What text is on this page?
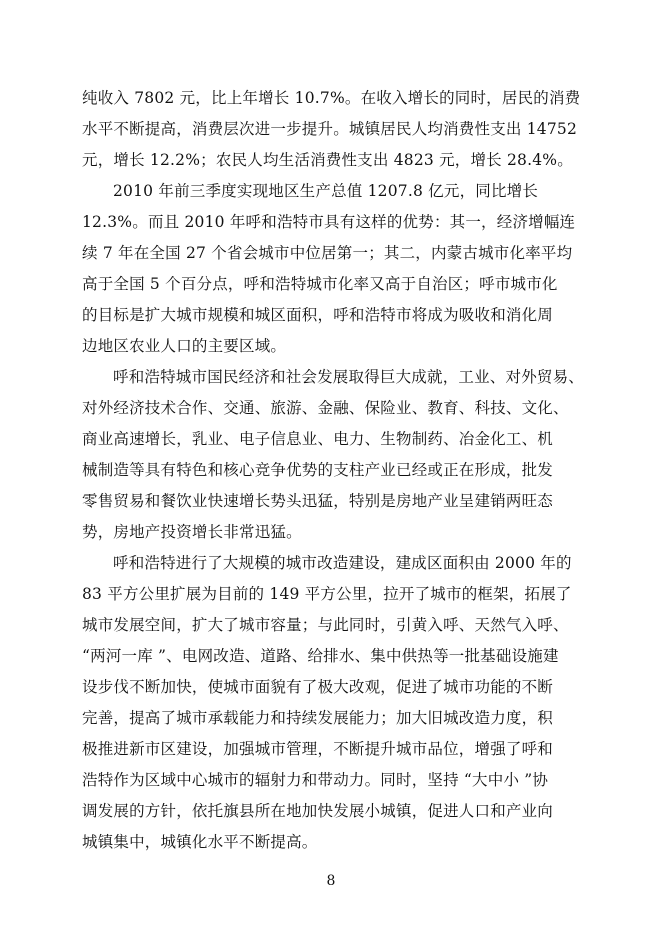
纯收入 7802 元，比上年增长 10.7%。在收入增长的同时，居民的消费
水平不断提高，消费层次进一步提升。城镇居民人均消费性支出 14752
元，增长 12.2%；农民人均生活消费性支出 4823 元，增长 28.4%。
2010 年前三季度实现地区生产总值 1207.8 亿元，同比增长
12.3%。而且 2010 年呼和浩特市具有这样的优势：其一，经济增幅连
续 7 年在全国 27 个省会城市中位居第一；其二，内蒙古城市化率平均
高于全国 5 个百分点，呼和浩特城市化率又高于自治区；呼市城市化
的目标是扩大城市规模和城区面积，呼和浩特市将成为吸收和消化周
边地区农业人口的主要区域。
呼和浩特城市国民经济和社会发展取得巨大成就，工业、对外贸易、
对外经济技术合作、交通、旅游、金融、保险业、教育、科技、文化、
商业高速增长，乳业、电子信息业、电力、生物制药、冶金化工、机
械制造等具有特色和核心竞争优势的支柱产业已经或正在形成，批发
零售贸易和餐饮业快速增长势头迅猛，特别是房地产业呈建销两旺态
势，房地产投资增长非常迅猛。
呼和浩特进行了大规模的城市改造建设，建成区面积由 2000 年的
83 平方公里扩展为目前的 149 平方公里，拉开了城市的框架，拓展了
城市发展空间，扩大了城市容量；与此同时，引黄入呼、天然气入呼、
“两河一库 ”、电网改造、道路、给排水、集中供热等一批基础设施建
设步伐不断加快，使城市面貌有了极大改观，促进了城市功能的不断
完善，提高了城市承载能力和持续发展能力；加大旧城改造力度，积
极推进新市区建设，加强城市管理，不断提升城市品位，增强了呼和
浩特作为区域中心城市的辐射力和带动力。同时，坚持 “大中小 ”协
调发展的方针，依托旗县所在地加快发展小城镇，促进人口和产业向
城镇集中，城镇化水平不断提高。
8
